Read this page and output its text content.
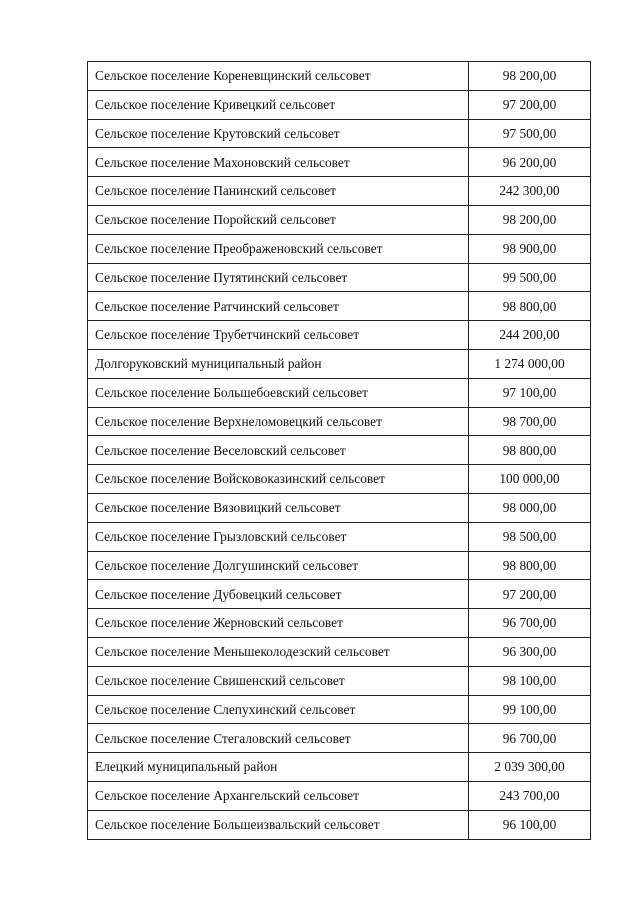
Сельское поселение Кореневщинский сельсовет	98 200,00
Сельское поселение Кривецкий сельсовет	97 200,00
Сельское поселение Крутовский сельсовет	97 500,00
Сельское поселение Махоновский сельсовет	96 200,00
Сельское поселение Панинский сельсовет	242 300,00
Сельское поселение Поройский сельсовет	98 200,00
Сельское поселение Преображеновский сельсовет	98 900,00
Сельское поселение Путятинский сельсовет	99 500,00
Сельское поселение Ратчинский сельсовет	98 800,00
Сельское поселение Трубетчинский сельсовет	244 200,00
Долгоруковский муниципальный район	1 274 000,00
Сельское поселение Большебоевский сельсовет	97 100,00
Сельское поселение Верхнеломовецкий сельсовет	98 700,00
Сельское поселение Веселовский сельсовет	98 800,00
Сельское поселение Войсковоказинский сельсовет	100 000,00
Сельское поселение Вязовицкий сельсовет	98 000,00
Сельское поселение Грызловский сельсовет	98 500,00
Сельское поселение Долгушинский сельсовет	98 800,00
Сельское поселение Дубовецкий сельсовет	97 200,00
Сельское поселение Жерновский сельсовет	96 700,00
Сельское поселение Меньшеколодезский сельсовет	96 300,00
Сельское поселение Свишенский сельсовет	98 100,00
Сельское поселение Слепухинский сельсовет	99 100,00
Сельское поселение Стегаловский сельсовет	96 700,00
Елецкий муниципальный район	2 039 300,00
Сельское поселение Архангельский сельсовет	243 700,00
Сельское поселение Большеизвальский сельсовет	96 100,00
